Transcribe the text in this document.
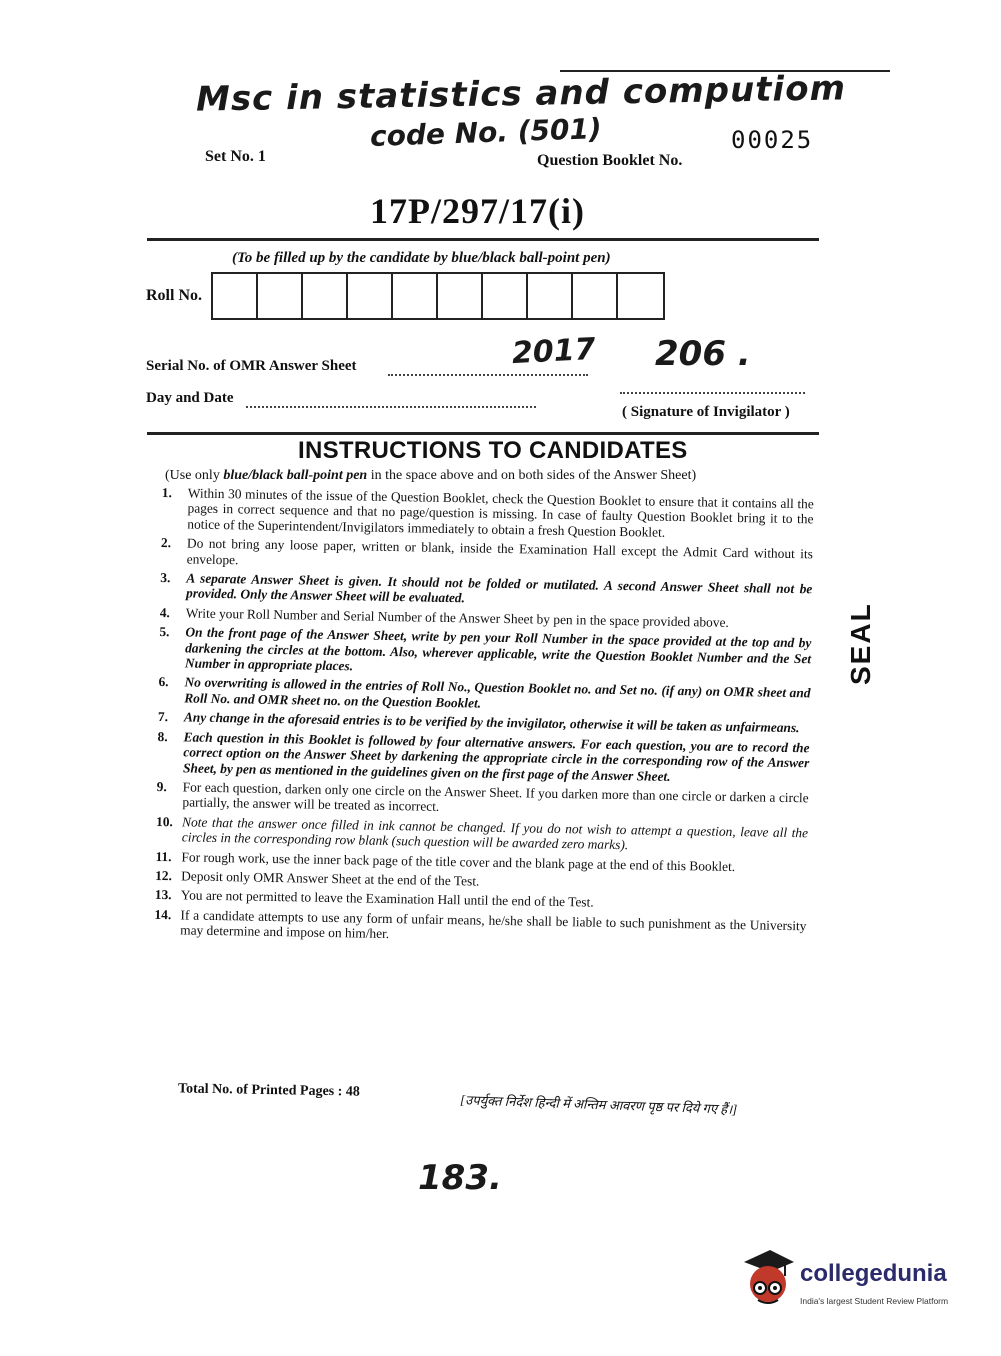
Msc in statistics and computiom
code No. (501)
Set No. 1	Question Booklet No.
00025
17P/297/17(i)
(To be filled up by the candidate by blue/black ball-point pen)
Roll No.
Serial No. of OMR Answer Sheet	2017 206 .
Day and Date
( Signature of Invigilator )
INSTRUCTIONS TO CANDIDATES
(Use only blue/black ball-point pen in the space above and on both sides of the Answer Sheet)
1.	Within 30 minutes of the issue of the Question Booklet, check the Question Booklet to ensure that it contains all the pages in correct sequence and that no page/question is missing. In case of faulty Question Booklet bring it to the notice of the Superintendent/Invigilators immediately to obtain a fresh Question Booklet.
2.	Do not bring any loose paper, written or blank, inside the Examination Hall except the Admit Card without its envelope.
3.	A separate Answer Sheet is given. It should not be folded or mutilated. A second Answer Sheet shall not be provided. Only the Answer Sheet will be evaluated.
4.	Write your Roll Number and Serial Number of the Answer Sheet by pen in the space provided above.
5.	On the front page of the Answer Sheet, write by pen your Roll Number in the space provided at the top and by darkening the circles at the bottom. Also, wherever applicable, write the Question Booklet Number and the Set Number in appropriate places.
6.	No overwriting is allowed in the entries of Roll No., Question Booklet no. and Set no. (if any) on OMR sheet and Roll No. and OMR sheet no. on the Question Booklet.
7.	Any change in the aforesaid entries is to be verified by the invigilator, otherwise it will be taken as unfairmeans.
8.	Each question in this Booklet is followed by four alternative answers. For each question, you are to record the correct option on the Answer Sheet by darkening the appropriate circle in the corresponding row of the Answer Sheet, by pen as mentioned in the guidelines given on the first page of the Answer Sheet.
9.	For each question, darken only one circle on the Answer Sheet. If you darken more than one circle or darken a circle partially, the answer will be treated as incorrect.
10. Note that the answer once filled in ink cannot be changed. If you do not wish to attempt a question, leave all the circles in the corresponding row blank (such question will be awarded zero marks).
11. For rough work, use the inner back page of the title cover and the blank page at the end of this Booklet.
12. Deposit only OMR Answer Sheet at the end of the Test.
13. You are not permitted to leave the Examination Hall until the end of the Test.
14. If a candidate attempts to use any form of unfair means, he/she shall be liable to such punishment as the University may determine and impose on him/her.
SEAL
Total No. of Printed Pages : 48
[उपर्युक्त निर्देश हिन्दी में अन्तिम आवरण पृष्ठ पर दिये गए हैं।]
183.
collegedunia
India's largest Student Review Platform
